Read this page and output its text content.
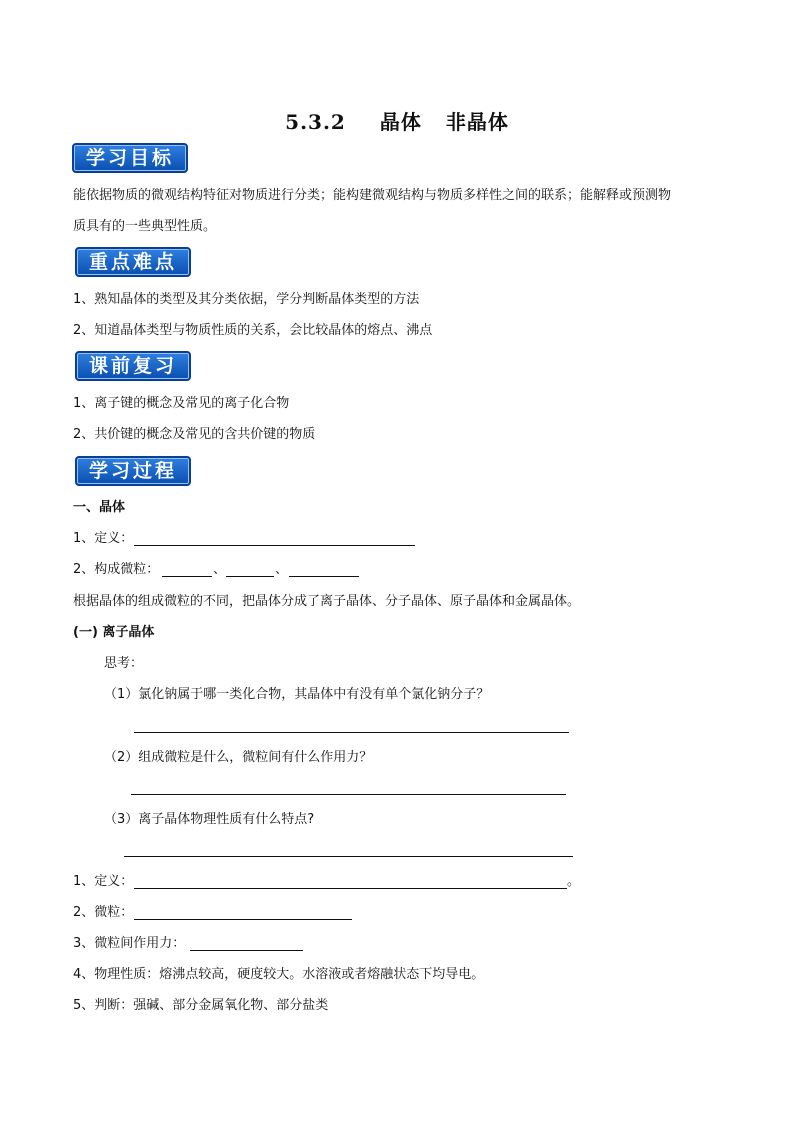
5.3.2 晶体 非晶体
学习目标
能依据物质的微观结构特征对物质进行分类；能构建微观结构与物质多样性之间的联系；能解释或预测物
质具有的一些典型性质。
重点难点
1、熟知晶体的类型及其分类依据，学分判断晶体类型的方法
2、知道晶体类型与物质性质的关系，会比较晶体的熔点、沸点
课前复习
1、离子键的概念及常见的离子化合物
2、共价键的概念及常见的含共价键的物质
学习过程
一、晶体
1、定义：
2、构成微粒：	、	、
根据晶体的组成微粒的不同，把晶体分成了离子晶体、分子晶体、原子晶体和金属晶体。
(一) 离子晶体
思考：
（1）氯化钠属于哪一类化合物，其晶体中有没有单个氯化钠分子？
（2）组成微粒是什么，微粒间有什么作用力？
（3）离子晶体物理性质有什么特点?
1、定义：	。
2、微粒：
3、微粒间作用力：
4、物理性质：熔沸点较高，硬度较大。水溶液或者熔融状态下均导电。
5、判断：强碱、部分金属氧化物、部分盐类
